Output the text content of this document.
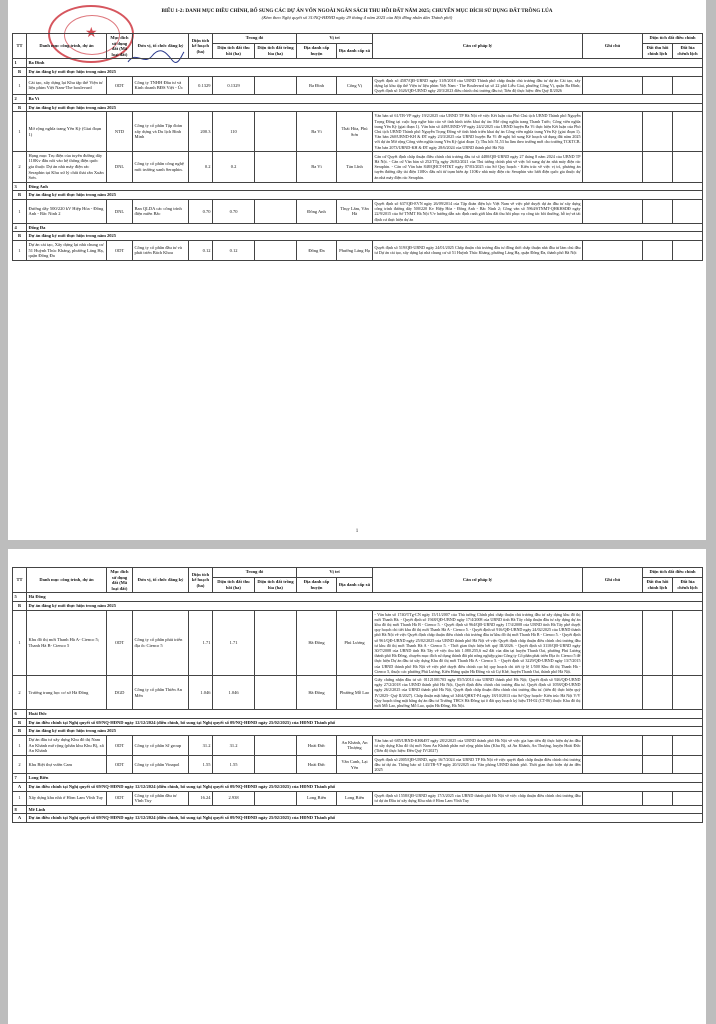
★
BIỂU 1-2: DANH MỤC ĐIỀU CHỈNH, BỔ SUNG CÁC DỰ ÁN VỐN NGOÀI NGÂN SÁCH THU HỒI ĐẤT NĂM 2025; CHUYỂN MỤC ĐÍCH SỬ DỤNG ĐẤT TRỒNG LÚA
(Kèm theo Nghị quyết số 31/NQ-HĐND ngày 29 tháng 4 năm 2025 của Hội đồng nhân dân Thành phố)
TT	Danh mục công trình, dự án	Mục đích sử dụng đất (Mã loại đất)	Đơn vị, tổ chức đăng ký	Diện tích kế hoạch (ha)	Trong đó		Vị trí		Căn cứ pháp lý	Ghi chú	Diện tích đất điều chỉnh	
					Diện tích đất thu hồi (ha)	Diện tích đất trồng lúa (ha)	Địa danh cấp huyện	Địa danh cấp xã			Đất thu hồi chỉnh lệch	Đất lúa chênh lệch
1	Ba Đình											
B	Dự án đăng ký mới thực hiện trong năm 2025											
1	Cải tạo, xây dựng lại Khu tập thể Viện tư liệu phim Việt Nam-The boulevard	ODT	Công ty TNHH Đầu tư và Kinh doanh BĐS Việt - Úc	0.1329	0.1329		Ba Đình	Cống Vị	Quyết định số 4587/QĐ-UBND ngày 31/8/2018 của UBND Thành phố chấp thuận chủ trương đầu tư dự án Cải tạo, xây dựng lại khu tập thể Viện tư liệu phim Việt Nam - The Boulevard tại số 22 phố Liễu Giai, phường Cống Vị, quận Ba Đình; Quyết định số 1626/QĐ-UBND ngày 20/3/2023 điều chỉnh chủ trương đầu tư; Tiến độ thực hiện: đến Quý II/2026			
2	Ba Vì											
B	Dự án đăng ký mới thực hiện trong năm 2025											
1	Mở rộng nghĩa trang Yên Kỳ (Giai đoạn 1)	NTD	Công ty cổ phần Tập đoàn xây dựng và Du lịch Bình Minh	200.3	110		Ba Vì	Thái Hòa, Phú Sơn	Văn bản số 61/TB-VP ngày 19/2/2025 của UBND TP Hà Nội về việc Kết luận của Phó Chủ tịch UBND Thành phố Nguyễn Trọng Đông tại cuộc họp nghe báo cáo về tình hình triển khai dự án: Mở rộng nghĩa trang Thanh Tước; Công viên nghĩa trang Yên Kỳ (giai đoạn 1). Văn bản số 449/UBND-VP ngày 24/2/2025 của UBND huyện Ba Vì thực hiện Kết luận của Phó Chủ tịch UBND Thành phố Nguyễn Trọng Đông về tình hình triển khai dự án Công viên nghĩa trang Yên Kỳ (giai đoạn 1). Văn bản 260/UBND-KH & ĐT ngày 23/3/2025 của UBND huyện Ba Vì đề nghị bổ sung Kế hoạch sử dụng đất năm 2025 với dự án Mở rộng Công viên nghĩa trang Yên Kỳ (giai đoạn 1); Thu hồi 51,53 ha làm theo trường mới cho trường TCKTCB. Văn bản 2073/UBND-KH & ĐT ngày 28/6/2024 của UBND thành phố Hà Nội			
2	Hạng mục Trụ điện của tuyến đường dây 110Kv đấu nối vào hệ thống điện quốc gia thuộc Dự án nhà máy điện rác Seraphin tại Khu xử lý chất thải rắn Xuân Sơn.	DNL	Công ty cổ phần công nghệ môi trường xanh Seraphin.	0.2	0.2		Ba Vì	Tản Lĩnh	Căn cứ Quyết định chấp thuận điều chỉnh chủ trương đầu tư số 4480/QĐ-UBND ngày 27 tháng 8 năm 2024 của UBND TP Hà Nội. - Căn cứ Văn bản số 252/TTg ngày 26/02/2021 của Thủ tướng chính phủ về việc bổ sung dự án nhà máy điện rác Seraphin. - Căn cứ Văn bản 848/QHCT-HTKT ngày 07/03/2025 của Sở Quy hoạch - Kiến trúc về việc vị trí, phương án tuyến đường dây tải điện 110Kv đấu nối từ trạm biến áp 110Kv nhà máy điện rác Seraphin vào lưới điện quốc gia thuộc dự án nhà máy điện rác Seraphin.			
3	Đông Anh											
B	Dự án đăng ký mới thực hiện trong năm 2025											
1	Đường dây 500/220 kV Hiệp Hòa - Đông Anh - Bắc Ninh 2	DNL	Ban QLDA các công trình điện miền Bắc	0.70	0.70		Đông Anh	Thụy Lâm, Vân Hà	Quyết định số 637/QĐ-EVN ngày 26/09/2014 của Tập đoàn điện lực Việt Nam về việc phê duyệt dự án đầu tư xây dựng công trình đường dây 500/220 Kv Hiệp Hòa - Đông Anh - Bắc Ninh 2; Công văn số 5964/STNMT-QHKHSDĐ ngày 22/9/2015 của Sở TNMT Hà Nội V/v hướng dẫn xác định ranh giới khu đất thu hồi phục vụ công tác bồi thường, hỗ trợ và tái định cư thực hiện dự án			
4	Đống Đa											
B	Dự án đăng ký mới thực hiện trong năm 2025											
1	Dự án cải tạo, Xây dựng lại nhà chung cư 51 Huỳnh Thúc Kháng, phường Láng Hạ, quận Đống Đa	ODT	Công ty cổ phần đầu tư và phát triển Bách Khoa	0.12	0.12		Đống Đa	Phường Láng Hạ	Quyết định số 519/QĐ-UBND ngày 24/01/2025 Chấp thuận chủ trương đầu tư đồng thời chấp thuận nhà đầu tư làm chủ đầu tư Dự án cải tạo, xây dựng lại nhà chung cư số 51 Huỳnh Thúc Kháng, phường Láng Hạ, quận Đống Đa, thành phố Hà Nội			
1
TT	Danh mục công trình, dự án	Mục đích sử dụng đất (Mã loại đất)	Đơn vị, tổ chức đăng ký	Diện tích kế hoạch (ha)	Trong đó		Vị trí		Căn cứ pháp lý	Ghi chú	Diện tích đất điều chỉnh	
					Diện tích đất thu hồi (ha)	Diện tích đất trồng lúa (ha)	Địa danh cấp huyện	Địa danh cấp xã			Đất thu hồi chỉnh lệch	Đất lúa chênh lệch
5	Hà Đông											
B	Dự án đăng ký mới thực hiện trong năm 2025											
1	Khu đô thị mới Thanh Hà A- Cienco 5; Thanh Hà B- Cienco 5	ODT	Công ty cổ phần phát triển địa ốc Cienco 5	1.71	1.71		Hà Đông	Phú Lương	- Văn bản số 1740/TTg-CN ngày 15/11/2007 của Thủ tướng Chính phủ chấp thuận chủ trương đầu tư xây dựng khu đô thị mới Thanh Hà. - Quyết định số 1948/QĐ-UBND ngày 17/4/2008 của UBND tỉnh Hà Tây chấp thuận đầu tư xây dựng dự án khu đô thị mới Thanh Hà B - Cienco 5. - Quyết định số 964/QĐ-UBND ngày 17/4/2008 của UBND tỉnh Hà Tây phê duyệt quy hoạch chi tiết khu đô thị mới Thanh Hà A - Cienco 5. - Quyết định số 916/QĐ-UBND ngày 24/02/2025 của UBND thành phố Hà Nội về việc Quyết định chấp thuận điều chỉnh chủ trương đầu tư khu đô thị mới Thanh Hà B - Cienco 5. - Quyết định số 961/QĐ-UBND ngày 25/02/2025 của UBND thành phố Hà Nội về việc Quyết định chấp thuận điều chỉnh chủ trương đầu tư khu đô thị mới Thanh Hà A - Cienco 5. - Thời gian thực hiện hết quý III/2026. - Quyết định số 3110/QĐ-UBND ngày 30/7/2008 của UBND tỉnh Hà Tây về việc thu hồi 1.080.255,6 m2 đất của dân tại huyện Thanh Oai, phường Phú Lương thành phố Hà Đông, chuyển mục đích sử dụng thành đất phi nông nghiệp giao Công ty Cổ phần phát triển Địa ốc Cienco 5 để thực hiện Dự án đầu tư xây dựng Khu đô thị mới Thanh Hà A - Cienco 5. - Quyết định số 3229/QĐ-UBND ngày 13/7/2015 của UBND thành phố Hà Nội về việc phê duyệt điều chỉnh cục bộ quy hoạch chi tiết tỷ lệ 1/500 Khu đô thị Thanh Hà - Cienco 5, thuộc các phường Phú Lương, Kiến Hưng quận Hà Đông và xã Cự Khê, huyện Thanh Oai, thành phố Hà Nội.			
2	Trường trung học cơ sở Hà Đông	DGD	Công ty cổ phần Thiên An Mến	1.046	1.046		Hà Đông	Phường Mỗ Lao	Giấy chứng nhận đầu tư số: 01121001703 ngày 05/5/2014 của UBND thành phố Hà Nội; Quyết định số 926/QĐ-UBND ngày 27/2/2018 của UBND thành phố Hà Nội, Quyết định điều chỉnh chủ trương đầu tư. Quyết định số 1058/QĐ-UBND ngày 26/2/2025 của UBND thành phố Hà Nội, Quyết định chấp thuận điều chỉnh chủ trương đầu tư. (tiến độ thực hiện quý IV/2025- Quý II/2027). Chấp thuận mặt bằng số 3464/QHKT-P4 ngày 18/10/2013 của Sở Quy hoạch- Kiến trúc Hà Nội V/V Quy hoạch tổng mặt bằng dự án đầu tư Trường THCS Hà Đông tại ô đất quy hoạch ký hiệu TH-02 (CT-06) thuộc Khu đô thị mới Mỗ Lao, phường Mỗ Lao, quận Hà Đông, Hà Nội.			
6	Hoài Đức											
B	Dự án điều chỉnh tại Nghị quyết số 69/NQ-HĐND ngày 12/12/2024 (điều chỉnh, bổ sung tại Nghị quyết số 09/NQ-HĐND ngày 25/02/2025) của HĐND Thành phố											
B	Dự án đăng ký mới thực hiện trong năm 2025											
1	Dự án đầu tư xây dựng Khu đô thị Nam An Khánh mở rộng (phân khu Khu B), xã An Khánh	ODT	Công ty cổ phần SJ group	31.2	31.2		Hoài Đức	An Khánh, An Thượng	Văn bản số 685/UBND-KH&ĐT ngày 28/2/2025 của UBND thành phố Hà Nội về việc gia hạn tiến độ thực hiện dự án đầu tư xây dựng Khu đô thị mới Nam An Khánh phần mở rộng phân khu (Khu B), xã An Khánh, An Thượng, huyện Hoài Đức (Tiến độ thực hiện: Đến Quý IV/2027)			
2	Khu Biệt thự vườn Cam	ODT	Công ty cổ phần Vinapol	1.55	1.55		Hoài Đức	Vân Canh, Lại Yên	Quyết định số 2005/QĐ-UBND, ngày 16/7/2024 của UBND TP Hà Nội về việc quyết định chấp thuận điều chỉnh chủ trương đầu tư dự án. Thông báo số 143/TB-VP ngày 20/3/2025 của Văn phòng UBND thành phố. Thời gian thực hiện dự án đến 2025			
7	Long Biên											
A	Dự án điều chỉnh tại Nghị quyết số 69/NQ-HĐND ngày 12/12/2024 (điều chỉnh, bổ sung tại Nghị quyết số 09/NQ-HĐND ngày 25/02/2025) của HĐND Thành phố											
1	Xây dựng khu nhà ở Hòm Lam Vĩnh Tuy	ODT	Công ty cổ phần đầu tư Vĩnh Tuy	16.24	2.938		Long Biên	Long Biên	Quyết định số 1558/QĐ-UBND ngày 17/3/2025 của UBND thành phố Hà Nội về việc chấp thuận điều chỉnh chủ trương đầu tư dự án Đầu tư xây dựng Khu nhà ở Hòm Lam Vĩnh Tuy			
8	Mê Linh											
A	Dự án điều chỉnh tại Nghị quyết số 69/NQ-HĐND ngày 12/12/2024 (điều chỉnh, bổ sung tại Nghị quyết số 09/NQ-HĐND ngày 25/02/2025) của HĐND Thành phố											
